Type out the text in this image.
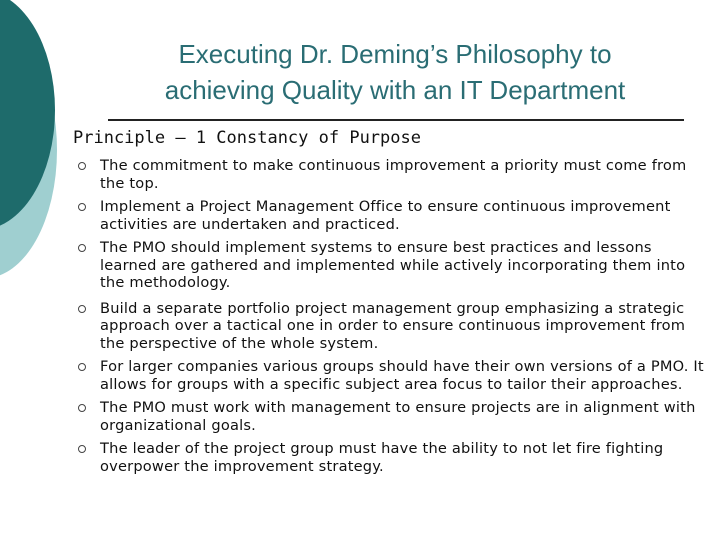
Executing Dr. Deming’s Philosophy to
achieving Quality with an IT Department
Principle – 1 Constancy of Purpose
The commitment to make continuous improvement a priority must come from the top.
Implement a Project Management Office to ensure continuous improvement activities are undertaken and practiced.
The PMO should implement systems to ensure best practices and lessons learned are gathered and implemented while actively incorporating them into the methodology.
Build a separate portfolio project management group emphasizing a strategic approach over a tactical one in order to ensure continuous improvement from the perspective of the whole system.
For larger companies various groups should have their own versions of a PMO. It allows for groups with a specific subject area focus to tailor their approaches.
The PMO must work with management to ensure projects are in alignment with organizational goals.
The leader of the project group must have the ability to not let fire fighting overpower the improvement strategy.
